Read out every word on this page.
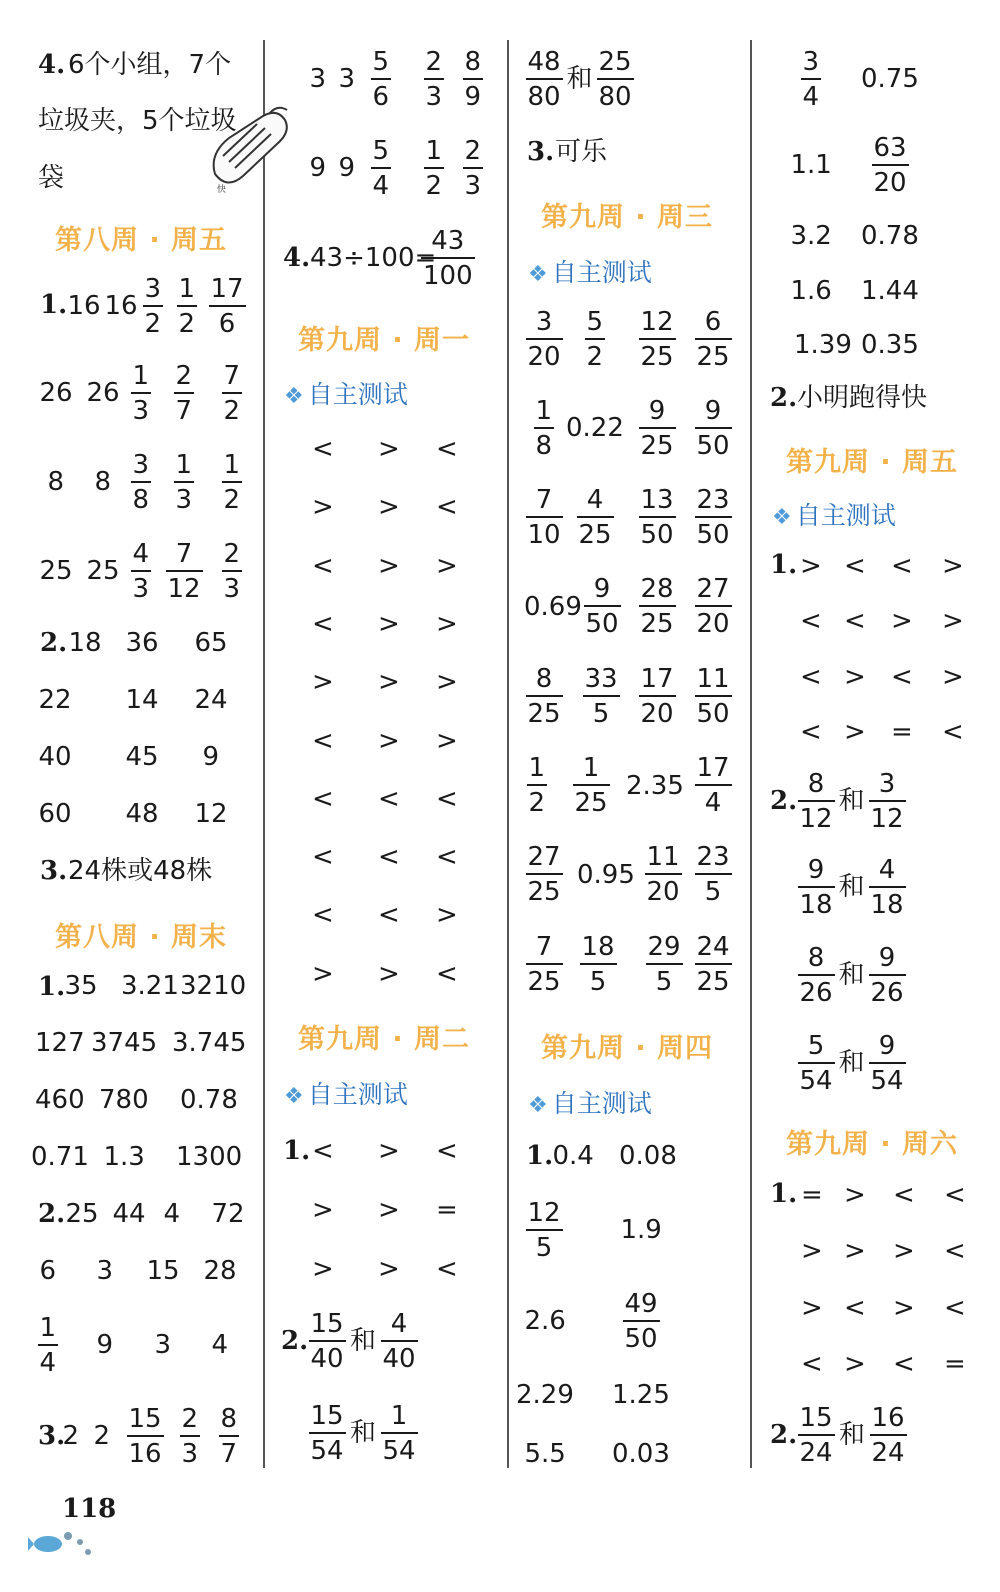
快
4. 6个小组，7个
垃圾夹，5个垃圾
袋
第八周 · 周五
1. 16 16
3
2
1
2
17
6
26 26
1
3
2
7
7
2
8 8
3
8
1
3
1
2
25 25
4
3
7
12
2
3
2. 18 36 65
22 14 24
40 45 9
60 48 12
3. 24株或48株
第八周 · 周末
1. 35 3.21 3210
127 3745 3.745
460 780 0.78
0.71 1.3 1300
2. 25 44 4 72
6 3 15 28
1
4
9 3 4
3.
2 2
15
16
2
3
8
7
3 3
5
6
2
3
8
9
9 9
5
4
1
2
2
3
4. 43÷100=
43
100
第九周 · 周一
❖ 自主测试
< > <
> > <
< > >
< > >
> > >
< > >
< < <
< < <
< < >
> > <
第九周 · 周二
❖ 自主测试
1. < > <
> > =
> > <
2.
15
40
和
4
40
15
54
和
1
54
48
80
和
25
80
3. 可乐
第九周 · 周三
❖ 自主测试
3
20
5
2
12
25
6
25
1
8
0.22
9
25
9
50
7
10
4
25
13
50
23
50
0.69
9
50
28
25
27
20
8
25
33
5
17
20
11
50
1
2
1
25
2.35
17
4
27
25
0.95
11
20
23
5
7
25
18
5
29
5
24
25
第九周 · 周四
❖ 自主测试
1. 0.4 0.08
12
5
1.9
2.6
49
50
2.29 1.25
5.5 0.03
3
4
0.75
1.1
63
20
3.2 0.78
1.6 1.44
1.39 0.35
2. 小明跑得快
第九周 · 周五
❖ 自主测试
1. > < < >
< < > >
< > < >
< > = <
2.
8
12
和
3
12
9
18
和
4
18
8
26
和
9
26
5
54
和
9
54
第九周 · 周六
1. = > < <
> > > <
> < > <
< > < =
2.
15
24
和
16
24
118
